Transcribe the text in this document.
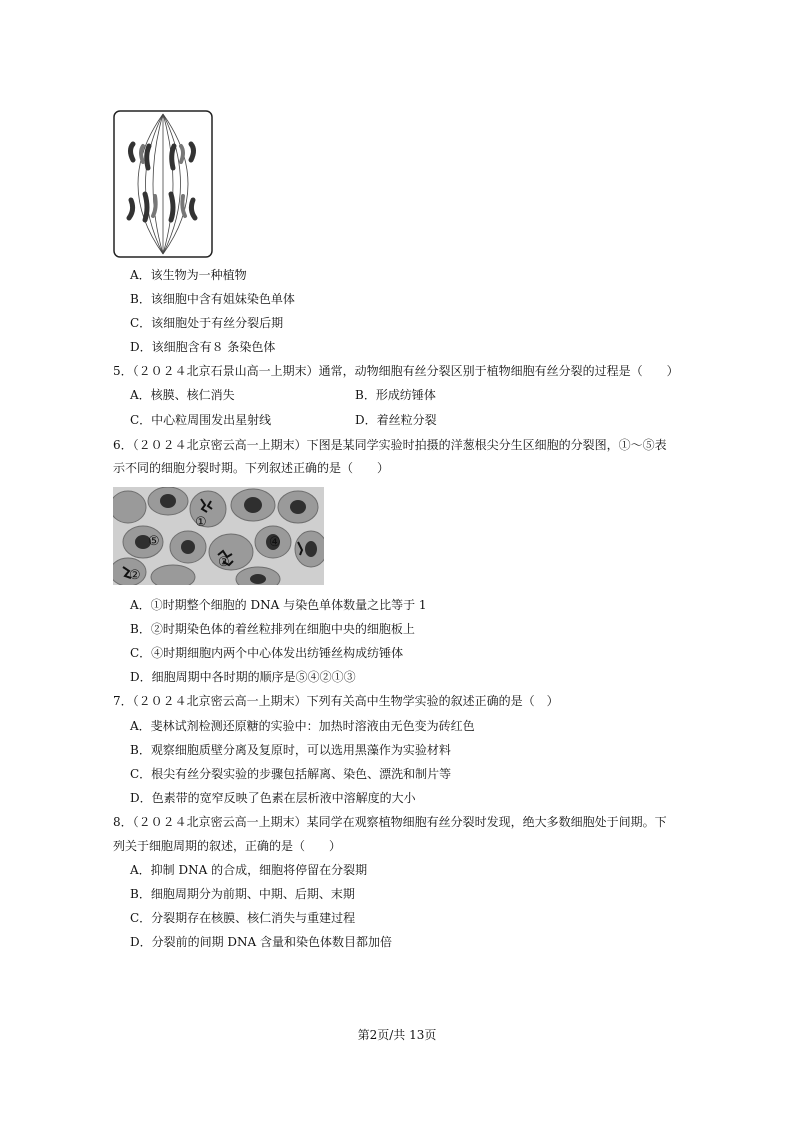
A．该生物为一种植物
B．该细胞中含有姐妹染色单体
C．该细胞处于有丝分裂后期
D．该细胞含有８ 条染色体
5．（２０２４北京石景山高一上期末）通常，动物细胞有丝分裂区别于植物细胞有丝分裂的过程是（　　）
A．核膜、核仁消失	B．形成纺锤体
C．中心粒周围发出星射线	D．着丝粒分裂
6．（２０２４北京密云高一上期末）下图是某同学实验时拍摄的洋葱根尖分生区细胞的分裂图，①～⑤表
示不同的细胞分裂时期。下列叙述正确的是（　　）
①
②
③
④
⑤
A．①时期整个细胞的 DNA 与染色单体数量之比等于 1
B．②时期染色体的着丝粒排列在细胞中央的细胞板上
C．④时期细胞内两个中心体发出纺锤丝构成纺锤体
D．细胞周期中各时期的顺序是⑤④②①③
7．（２０２４北京密云高一上期末）下列有关高中生物学实验的叙述正确的是（　）
A．斐林试剂检测还原糖的实验中：加热时溶液由无色变为砖红色
B．观察细胞质壁分离及复原时，可以选用黑藻作为实验材料
C．根尖有丝分裂实验的步骤包括解离、染色、漂洗和制片等
D．色素带的宽窄反映了色素在层析液中溶解度的大小
8．（２０２４北京密云高一上期末）某同学在观察植物细胞有丝分裂时发现，绝大多数细胞处于间期。下
列关于细胞周期的叙述，正确的是（　　）
A．抑制 DNA 的合成，细胞将停留在分裂期
B．细胞周期分为前期、中期、后期、末期
C．分裂期存在核膜、核仁消失与重建过程
D．分裂前的间期 DNA 含量和染色体数目都加倍
第2页/共 13页
